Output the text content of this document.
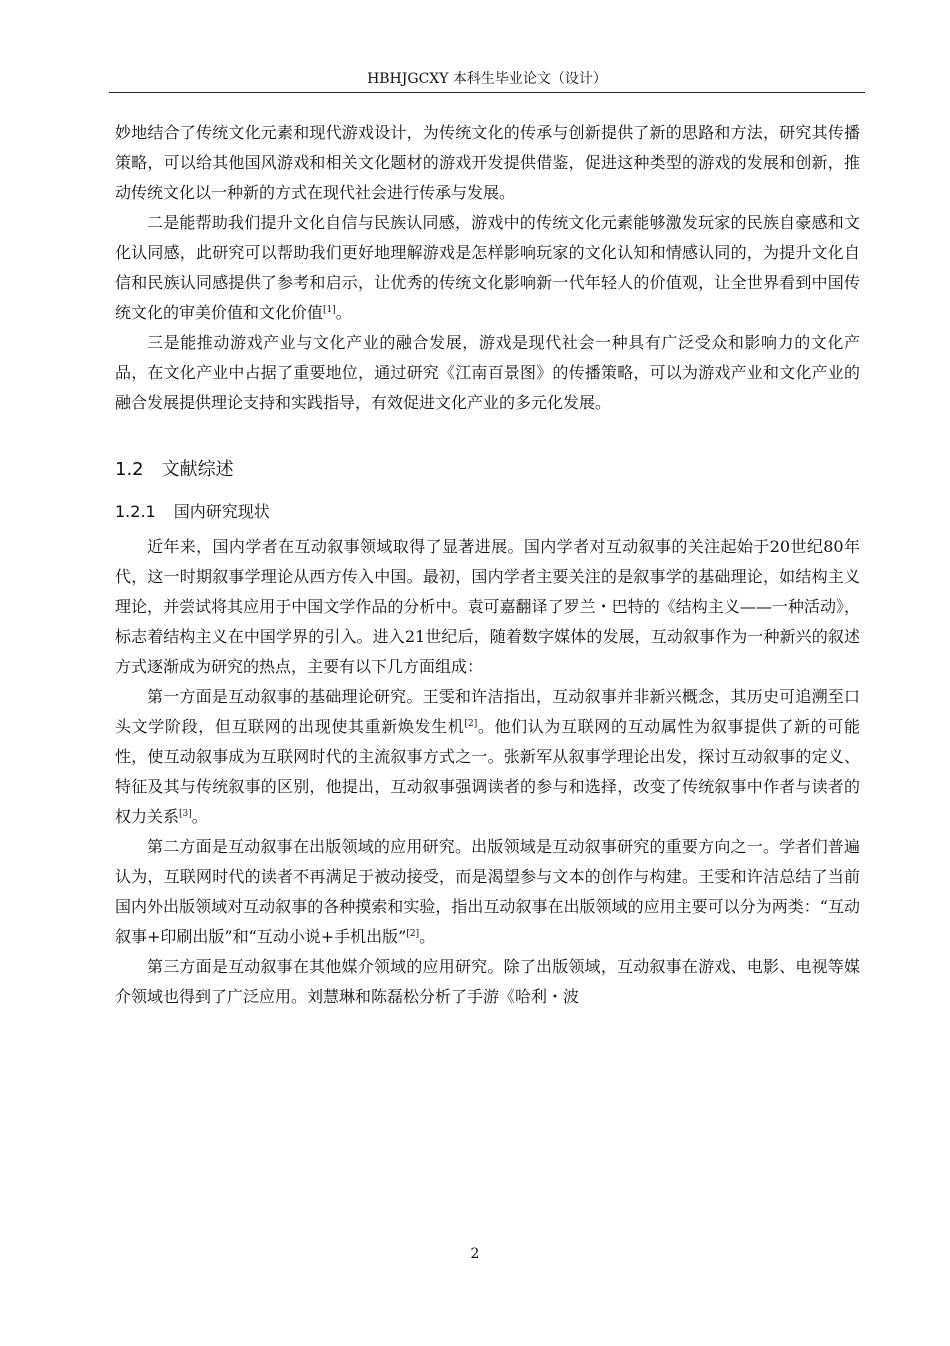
HBHJGCXY 本科生毕业论文（设计）

妙地结合了传统文化元素和现代游戏设计，为传统文化的传承与创新提供了新的思路和方法，研究其传播策略，可以给其他国风游戏和相关文化题材的游戏开发提供借鉴，促进这种类型的游戏的发展和创新，推动传统文化以一种新的方式在现代社会进行传承与发展。

二是能帮助我们提升文化自信与民族认同感，游戏中的传统文化元素能够激发玩家的民族自豪感和文化认同感，此研究可以帮助我们更好地理解游戏是怎样影响玩家的文化认知和情感认同的，为提升文化自信和民族认同感提供了参考和启示，让优秀的传统文化影响新一代年轻人的价值观，让全世界看到中国传统文化的审美价值和文化价值[1]。

三是能推动游戏产业与文化产业的融合发展，游戏是现代社会一种具有广泛受众和影响力的文化产品，在文化产业中占据了重要地位，通过研究《江南百景图》的传播策略，可以为游戏产业和文化产业的融合发展提供理论支持和实践指导，有效促进文化产业的多元化发展。

1.2 文献综述
1.2.1 国内研究现状

近年来，国内学者在互动叙事领域取得了显著进展。国内学者对互动叙事的关注起始于20世纪80年代，这一时期叙事学理论从西方传入中国。最初，国内学者主要关注的是叙事学的基础理论，如结构主义理论，并尝试将其应用于中国文学作品的分析中。袁可嘉翻译了罗兰・巴特的《结构主义——一种活动》，标志着结构主义在中国学界的引入。进入21世纪后，随着数字媒体的发展，互动叙事作为一种新兴的叙述方式逐渐成为研究的热点，主要有以下几方面组成：

第一方面是互动叙事的基础理论研究。王雯和许洁指出，互动叙事并非新兴概念，其历史可追溯至口头文学阶段，但互联网的出现使其重新焕发生机[2]。他们认为互联网的互动属性为叙事提供了新的可能性，使互动叙事成为互联网时代的主流叙事方式之一。张新军从叙事学理论出发，探讨互动叙事的定义、特征及其与传统叙事的区别，他提出，互动叙事强调读者的参与和选择，改变了传统叙事中作者与读者的权力关系[3]。

第二方面是互动叙事在出版领域的应用研究。出版领域是互动叙事研究的重要方向之一。学者们普遍认为，互联网时代的读者不再满足于被动接受，而是渴望参与文本的创作与构建。王雯和许洁总结了当前国内外出版领域对互动叙事的各种摸索和实验，指出互动叙事在出版领域的应用主要可以分为两类：“互动叙事+印刷出版”和“互动小说+手机出版”[2]。

第三方面是互动叙事在其他媒介领域的应用研究。除了出版领域，互动叙事在游戏、电影、电视等媒介领域也得到了广泛应用。刘慧琳和陈磊松分析了手游《哈利・波

2
